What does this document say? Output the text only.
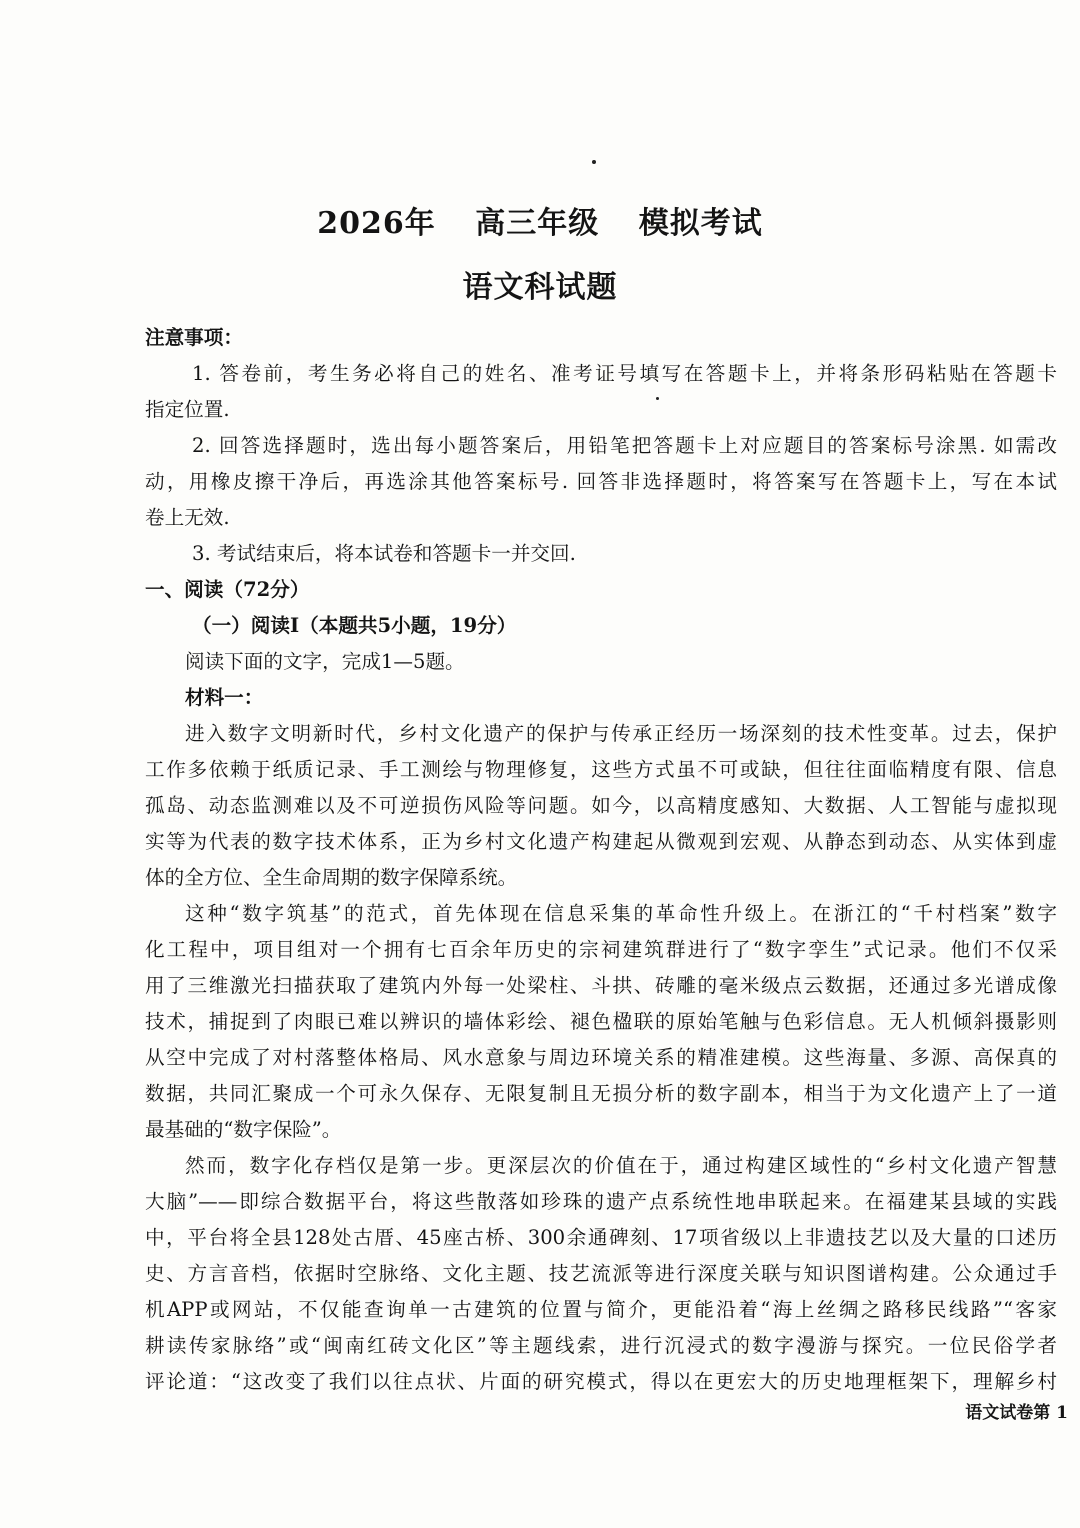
2026年 高三年级 模拟考试
语文科试题
注意事项：
1. 答卷前，考生务必将自己的姓名、准考证号填写在答题卡上，并将条形码粘贴在答题卡
指定位置.
2. 回答选择题时，选出每小题答案后，用铅笔把答题卡上对应题目的答案标号涂黑. 如需改
动，用橡皮擦干净后，再选涂其他答案标号. 回答非选择题时，将答案写在答题卡上，写在本试
卷上无效.
3. 考试结束后，将本试卷和答题卡一并交回.
一、阅读（72分）
（一）阅读Ⅰ（本题共5小题，19分）
阅读下面的文字，完成1—5题。
材料一：
进入数字文明新时代，乡村文化遗产的保护与传承正经历一场深刻的技术性变革。过去，保护
工作多依赖于纸质记录、手工测绘与物理修复，这些方式虽不可或缺，但往往面临精度有限、信息
孤岛、动态监测难以及不可逆损伤风险等问题。如今，以高精度感知、大数据、人工智能与虚拟现
实等为代表的数字技术体系，正为乡村文化遗产构建起从微观到宏观、从静态到动态、从实体到虚
体的全方位、全生命周期的数字保障系统。
这种“数字筑基”的范式，首先体现在信息采集的革命性升级上。在浙江的“千村档案”数字
化工程中，项目组对一个拥有七百余年历史的宗祠建筑群进行了“数字孪生”式记录。他们不仅采
用了三维激光扫描获取了建筑内外每一处梁柱、斗拱、砖雕的毫米级点云数据，还通过多光谱成像
技术，捕捉到了肉眼已难以辨识的墙体彩绘、褪色楹联的原始笔触与色彩信息。无人机倾斜摄影则
从空中完成了对村落整体格局、风水意象与周边环境关系的精准建模。这些海量、多源、高保真的
数据，共同汇聚成一个可永久保存、无限复制且无损分析的数字副本，相当于为文化遗产上了一道
最基础的“数字保险”。
然而，数字化存档仅是第一步。更深层次的价值在于，通过构建区域性的“乡村文化遗产智慧
大脑”——即综合数据平台，将这些散落如珍珠的遗产点系统性地串联起来。在福建某县域的实践
中，平台将全县128处古厝、45座古桥、300余通碑刻、17项省级以上非遗技艺以及大量的口述历
史、方言音档，依据时空脉络、文化主题、技艺流派等进行深度关联与知识图谱构建。公众通过手
机APP或网站，不仅能查询单一古建筑的位置与简介，更能沿着“海上丝绸之路移民线路”“客家
耕读传家脉络”或“闽南红砖文化区”等主题线索，进行沉浸式的数字漫游与探究。一位民俗学者
评论道：“这改变了我们以往点状、片面的研究模式，得以在更宏大的历史地理框架下，理解乡村
语文试卷第 1
